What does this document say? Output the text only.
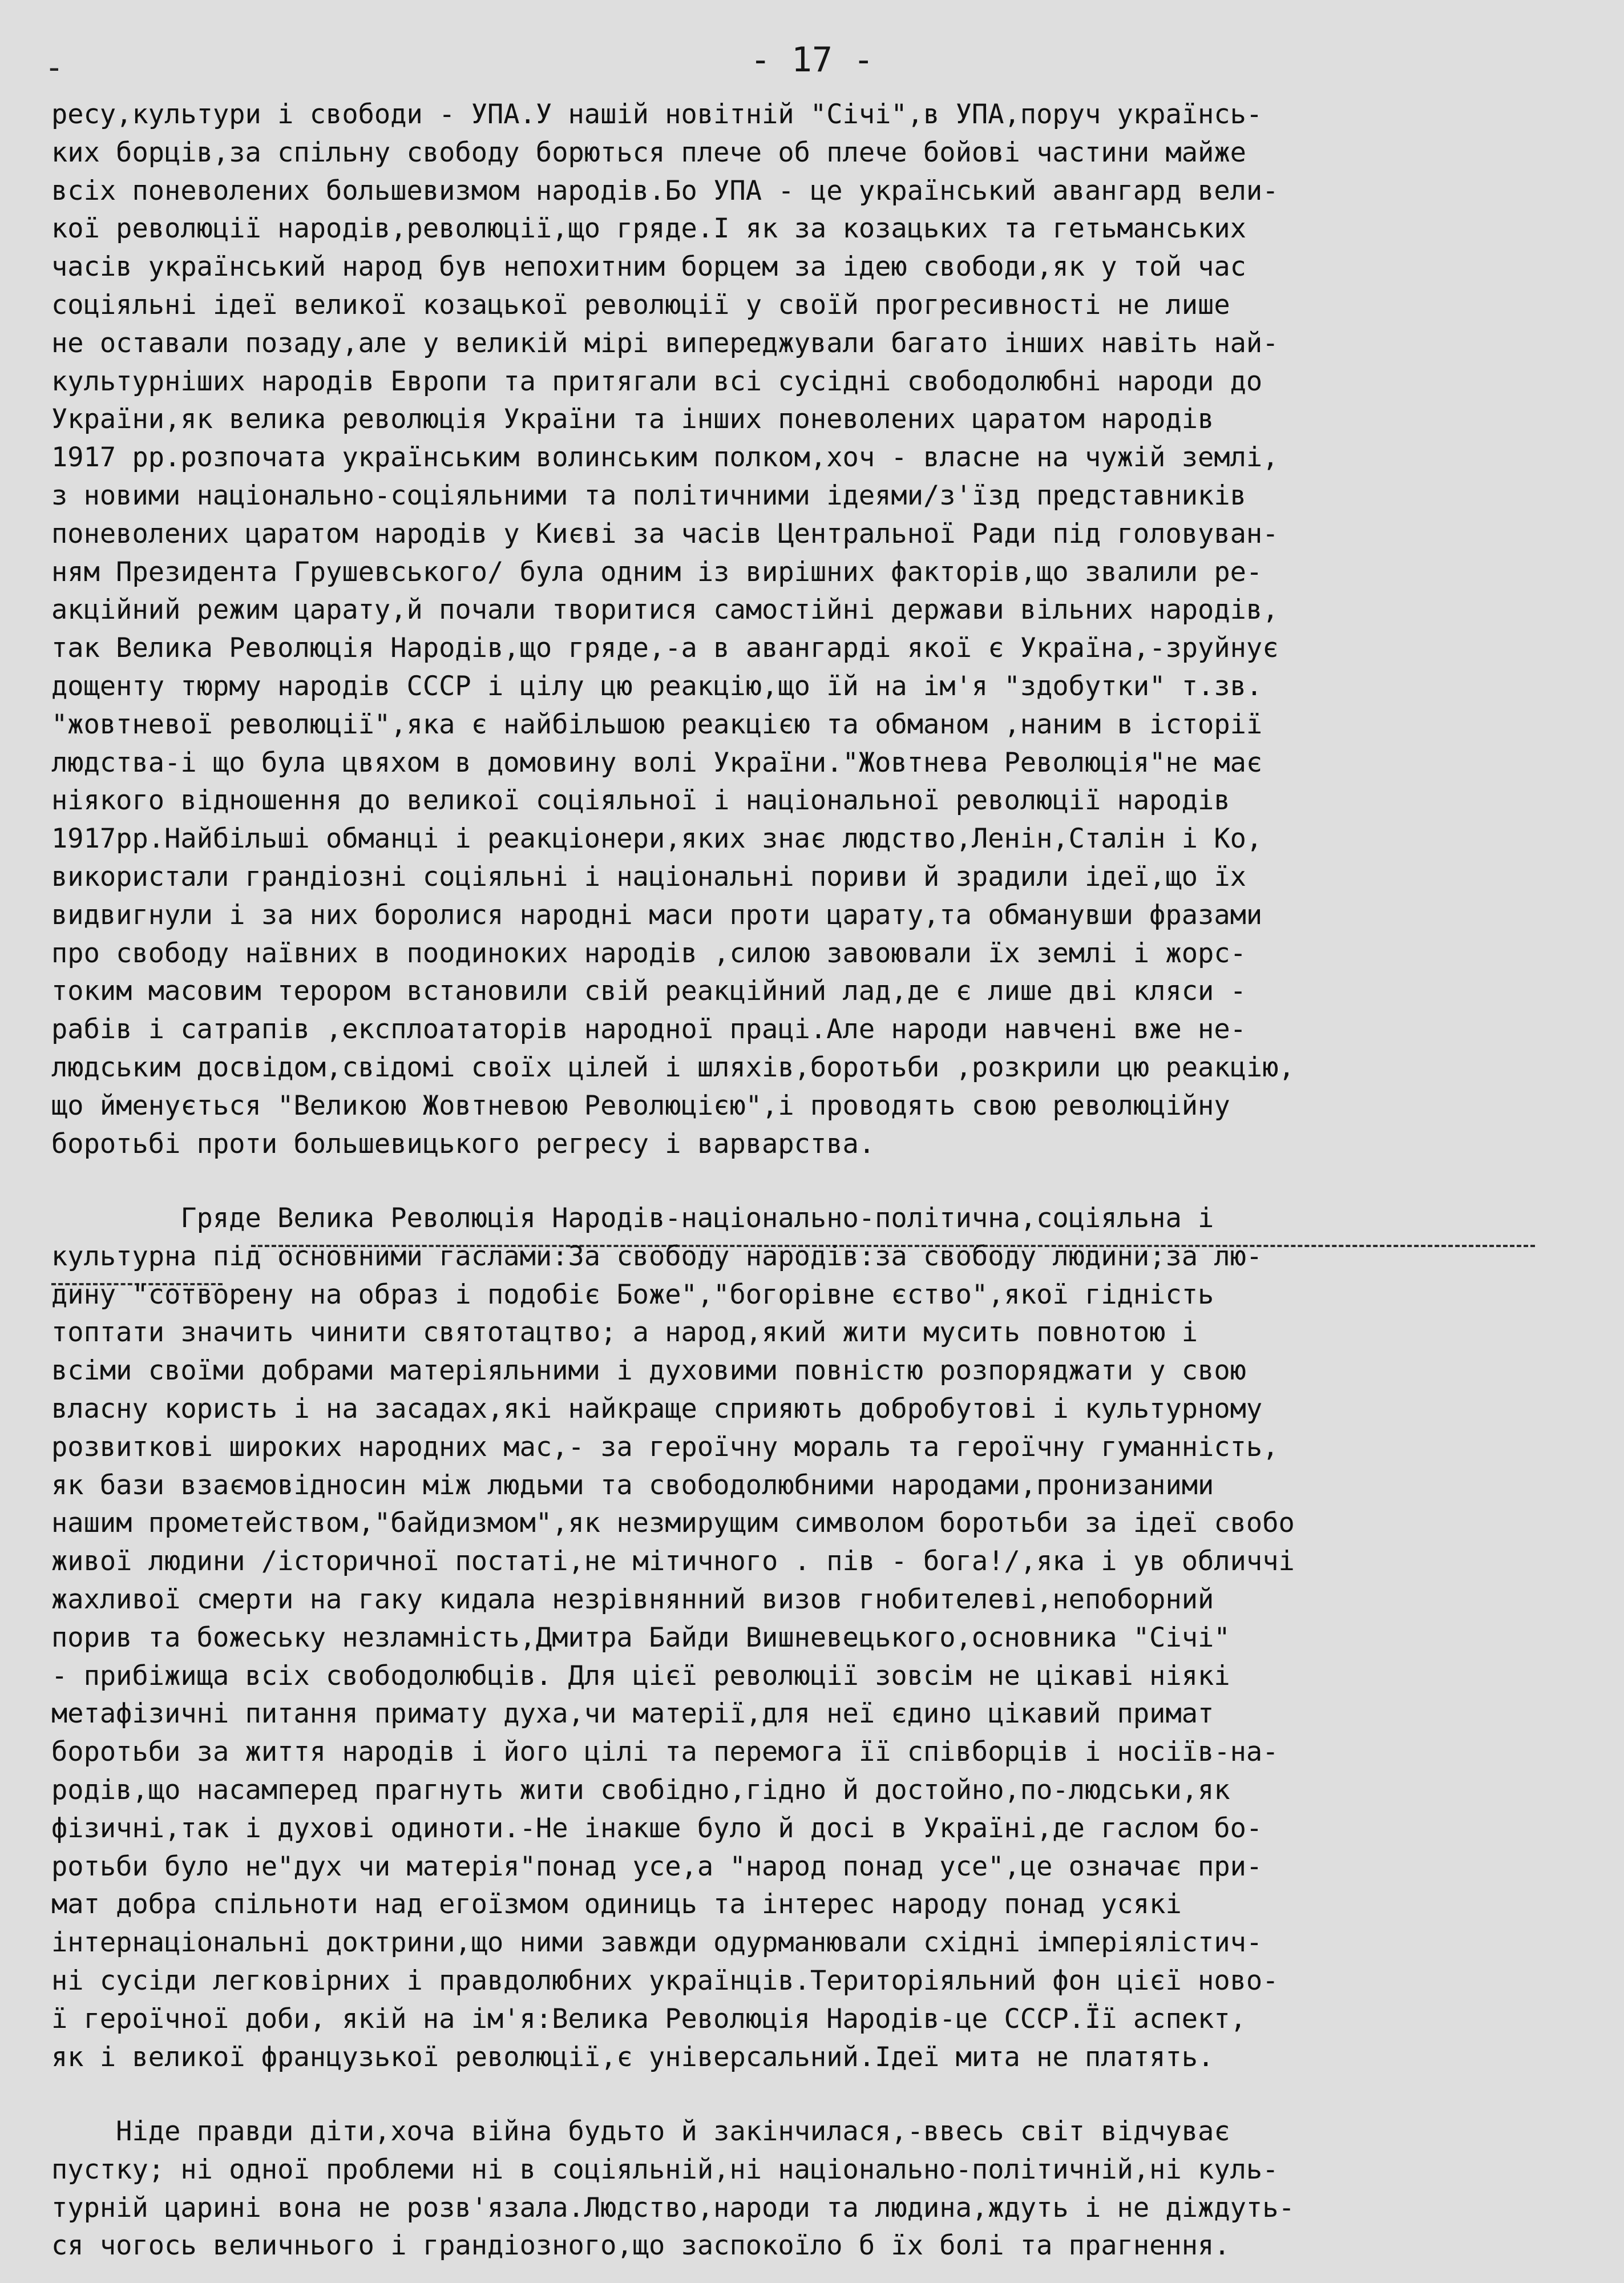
-	- 17 -

ресу,культури і свободи - УПА.У нашій новітній "Січі",в УПА,поруч українсь-
ких борців,за спільну свободу борються плече об плече бойові частини майже
всіх поневолених большевизмом народів.Бо УПА - це український авангард вели-
кої революції народів,революції,що гряде.І як за козацьких та гетьманських
часів український народ був непохитним борцем за ідею свободи,як у той час
соціяльні ідеї великої козацької революції у своїй прогресивності не лише
не оставали позаду,але у великій мірі випереджували багато інших навіть най-
культурніших народів Европи та притягали всі сусідні свободолюбні народи до
України,як велика революція України та інших поневолених царатом народів
1917 рр.розпочата українським волинським полком,хоч - власне на чужій землі,
з новими національно-соціяльними та політичними ідеями/з'їзд представників
поневолених царатом народів у Києві за часів Центральної Ради під головуван-
ням Президента Грушевського/ була одним із вирішних факторів,що звалили ре-
акційний режим царату,й почали творитися самостійні держави вільних народів,
так Велика Революція Народів,що гряде,-а в авангарді якої є Україна,-зруйнує
дощенту тюрму народів СССР і цілу цю реакцію,що їй на ім'я "здобутки" т.зв.
"жовтневої революції",яка є найбільшою реакцією та обманом ,наним в історії
людства-і що була цвяхом в домовину волі України."Жовтнева Революція"не має
ніякого відношення до великої соціяльної і національної революції народів
1917рр.Найбільші обманці і реакціонери,яких знає людство,Ленін,Сталін і Ко,
використали грандіозні соціяльні і національні пориви й зрадили ідеї,що їх
видвигнули і за них боролися народні маси проти царату,та обманувши фразами
про свободу наївних в поодиноких народів ,силою завоювали їх землі і жорс-
токим масовим терором встановили свій реакційний лад,де є лише дві кляси -
рабів і сатрапів ,експлоататорів народної праці.Але народи навчені вже не-
людським досвідом,свідомі своїх цілей і шляхів,боротьби ,розкрили цю реакцію,
що йменується "Великою Жовтневою Революцією",і проводять свою революційну
боротьбі проти большевицького регресу і варварства.

Гряде Велика Революція Народів-національно-політична,соціяльна і
культурна під основними гаслами:За свободу народів:за свободу людини;за лю-
дину "сотворену на образ і подобіє Боже","богорівне єство",якої гідність
топтати значить чинити святотацтво; а народ,який жити мусить повнотою і
всіми своїми добрами матеріяльними і духовими повністю розпоряджати у свою
власну користь і на засадах,які найкраще сприяють добробутові і культурному
розвиткові широких народних мас,- за героїчну мораль та героїчну гуманність,
як бази взаємовідносин між людьми та свободолюбними народами,пронизаними
нашим прометейством,"байдизмом",як незмирущим символом боротьби за ідеї свобо
живої людини /історичної постаті,не мітичного . пів - бога!/,яка і ув обличчі
жахливої смерти на гаку кидала незрівнянний визов гнобителеві,непоборний
порив та божеську незламність,Дмитра Байди Вишневецького,основника "Січі"
- прибіжища всіх свободолюбців. Для цієї революції зовсім не цікаві ніякі
метафізичні питання примату духа,чи матерії,для неї єдино цікавий примат
боротьби за життя народів і його цілі та перемога її співборців і носіїв-на-
родів,що насамперед прагнуть жити свобідно,гідно й достойно,по-людськи,як
фізичні,так і духові одиноти.-Не інакше було й досі в Україні,де гаслом бо-
ротьби було не"дух чи матерія"понад усе,а "народ понад усе",це означає при-
мат добра спільноти над егоїзмом одиниць та інтерес народу понад усякі
інтернаціональні доктрини,що ними завжди одурманювали східні імперіялістич-
ні сусіди легковірних і правдолюбних українців.Територіяльний фон цієї ново-
ї героїчної доби, якій на ім'я:Велика Революція Народів-це СССР.Її аспект,
як і великої французької революції,є універсальний.Ідеї мита не платять.

Ніде правди діти,хоча війна будьто й закінчилася,-ввесь світ відчуває
пустку; ні одної проблеми ні в соціяльній,ні національно-політичній,ні куль-
турній царині вона не розв'язала.Людство,народи та людина,ждуть і не діждуть-
ся чогось величнього і грандіозного,що заспокоїло б їх болі та прагнення.
